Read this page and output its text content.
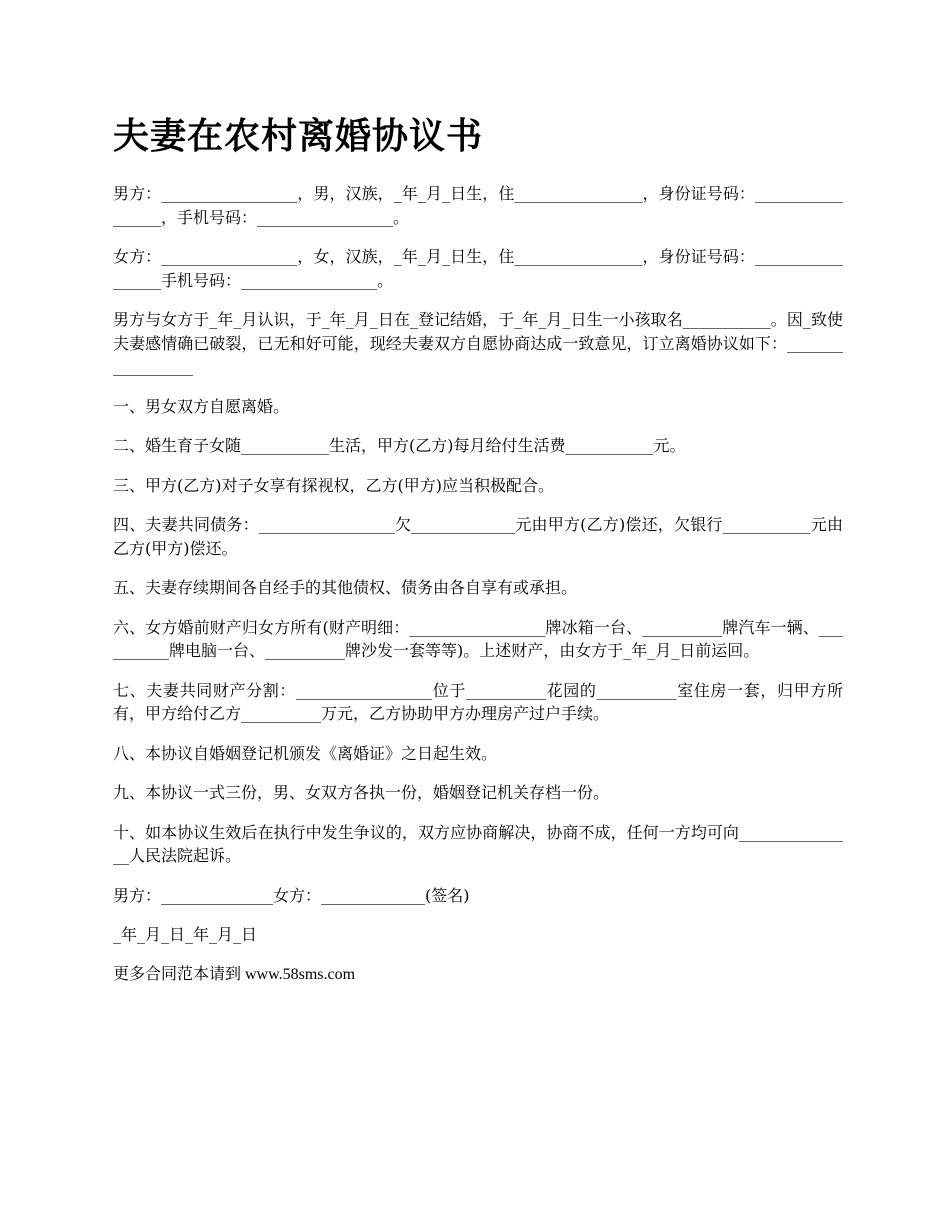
夫妻在农村离婚协议书

男方：_________________，男，汉族，_年_月_日生，住________________，身份证号码：_________________，手机号码：_________________。

女方：_________________，女，汉族，_年_月_日生，住________________，身份证号码：_________________手机号码：_________________。

男方与女方于_年_月认识，于_年_月_日在_登记结婚，于_年_月_日生一小孩取名___________。因_致使夫妻感情确已破裂，已无和好可能，现经夫妻双方自愿协商达成一致意见，订立离婚协议如下：_________________

一、男女双方自愿离婚。

二、婚生育子女随___________生活，甲方(乙方)每月给付生活费___________元。

三、甲方(乙方)对子女享有探视权，乙方(甲方)应当积极配合。

四、夫妻共同债务：_________________欠_____________元由甲方(乙方)偿还，欠银行___________元由乙方(甲方)偿还。

五、夫妻存续期间各自经手的其他债权、债务由各自享有或承担。

六、女方婚前财产归女方所有(财产明细：_________________牌冰箱一台、__________牌汽车一辆、__________牌电脑一台、__________牌沙发一套等等)。上述财产，由女方于_年_月_日前运回。

七、夫妻共同财产分割：_________________位于__________花园的__________室住房一套，归甲方所有，甲方给付乙方__________万元，乙方协助甲方办理房产过户手续。

八、本协议自婚姻登记机颁发《离婚证》之日起生效。

九、本协议一式三份，男、女双方各执一份，婚姻登记机关存档一份。

十、如本协议生效后在执行中发生争议的，双方应协商解决，协商不成，任何一方均可向_______________人民法院起诉。

男方：______________女方：_____________(签名)

_年_月_日_年_月_日

更多合同范本请到 www.58sms.com
